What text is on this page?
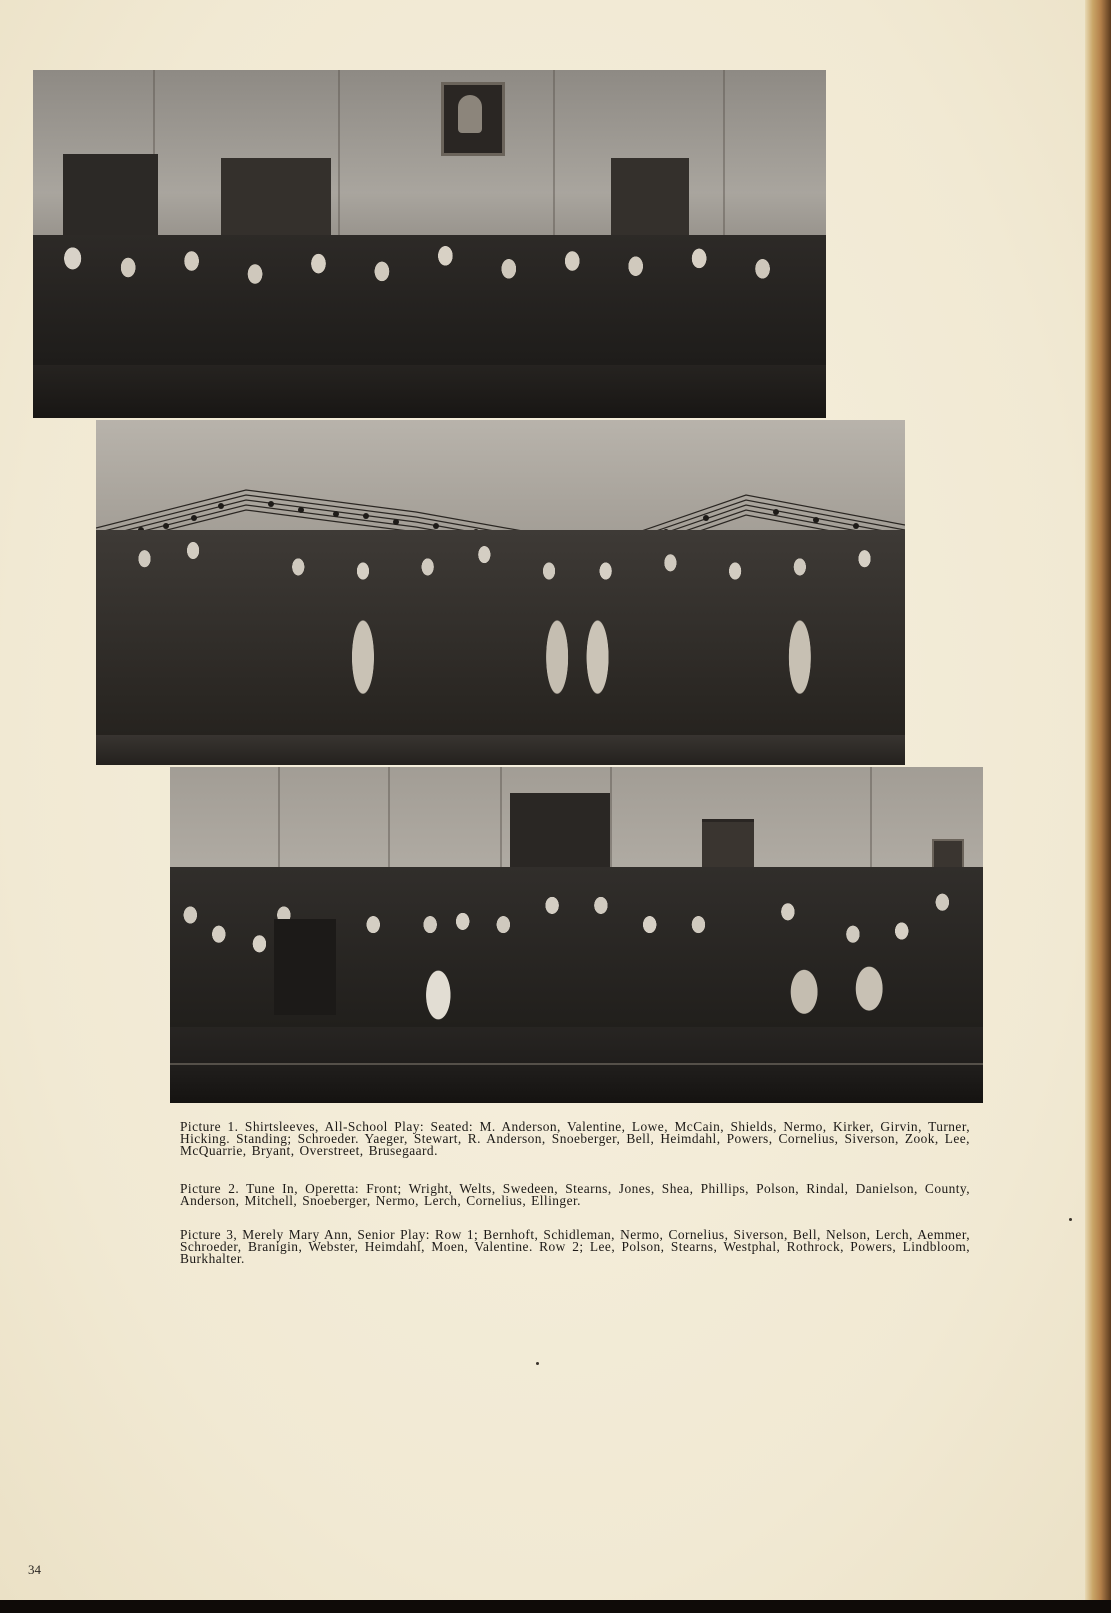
Picture 1. Shirtsleeves, All-School Play: Seated: M. Anderson, Valentine, Lowe, McCain, Shields, Nermo, Kirker, Girvin, Turner, Hicking. Standing; Schroeder. Yaeger, Stewart, R. Anderson, Snoeberger, Bell, Heimdahl, Powers, Cornelius, Siverson, Zook, Lee, McQuarrie, Bryant, Overstreet, Brusegaard.

Picture 2. Tune In, Operetta: Front; Wright, Welts, Swedeen, Stearns, Jones, Shea, Phillips, Polson, Rindal, Danielson, County, Anderson, Mitchell, Snoeberger, Nermo, Lerch, Cornelius, Ellinger.

Picture 3, Merely Mary Ann, Senior Play: Row 1; Bernhoft, Schidleman, Nermo, Cornelius, Siverson, Bell, Nelson, Lerch, Aemmer, Schroeder, Branigin, Webster, Heimdahl, Moen, Valentine. Row 2; Lee, Polson, Stearns, Westphal, Rothrock, Powers, Lindbloom, Burkhalter.

34
